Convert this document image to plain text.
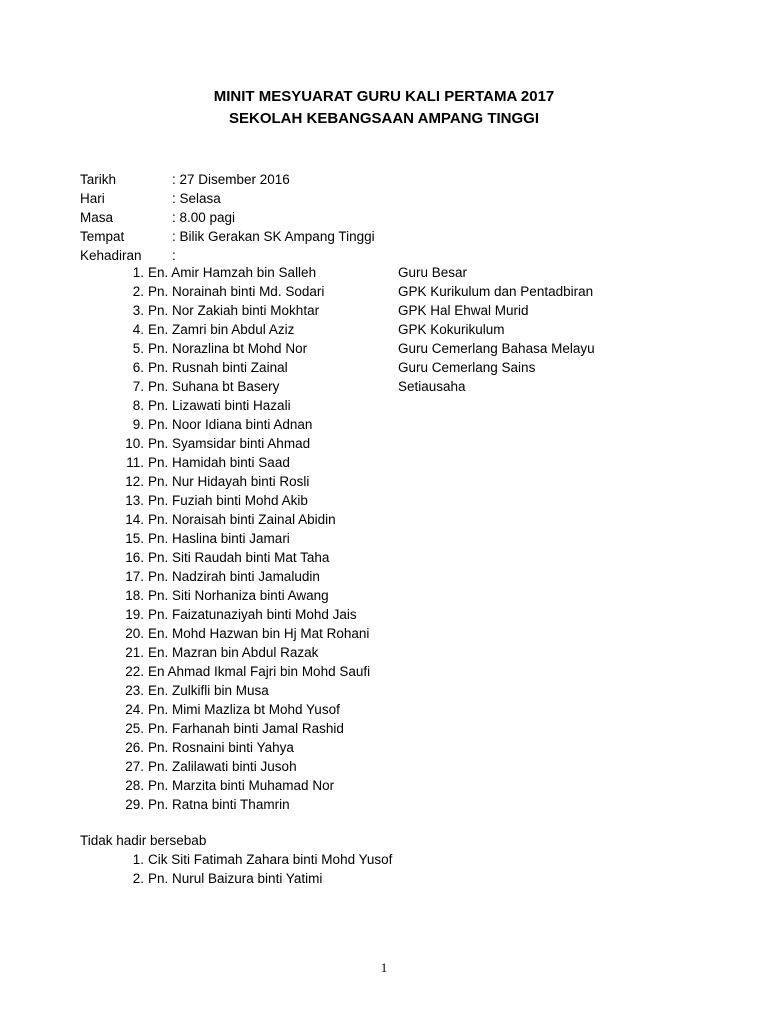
MINIT MESYUARAT GURU KALI PERTAMA 2017
SEKOLAH KEBANGSAAN AMPANG TINGGI
Tarikh	: 27 Disember 2016
Hari	: Selasa
Masa	: 8.00 pagi
Tempat	: Bilik Gerakan SK Ampang Tinggi
Kehadiran :
1. En. Amir Hamzah bin Salleh	Guru Besar
2. Pn. Norainah binti Md. Sodari	GPK Kurikulum dan Pentadbiran
3. Pn. Nor Zakiah binti Mokhtar	GPK Hal Ehwal Murid
4. En. Zamri bin Abdul Aziz	GPK Kokurikulum
5. Pn. Norazlina bt Mohd Nor	Guru Cemerlang Bahasa Melayu
6. Pn. Rusnah binti Zainal	Guru Cemerlang Sains
7. Pn. Suhana bt Basery	Setiausaha
8. Pn. Lizawati binti Hazali
9. Pn. Noor Idiana binti Adnan
10. Pn. Syamsidar binti Ahmad
11. Pn. Hamidah binti Saad
12. Pn. Nur Hidayah binti Rosli
13. Pn. Fuziah binti Mohd Akib
14. Pn. Noraisah binti Zainal Abidin
15. Pn. Haslina binti Jamari
16. Pn. Siti Raudah binti Mat Taha
17. Pn. Nadzirah binti Jamaludin
18. Pn. Siti Norhaniza binti Awang
19. Pn. Faizatunaziyah binti Mohd Jais
20. En. Mohd Hazwan bin Hj Mat Rohani
21. En. Mazran bin Abdul Razak
22. En Ahmad Ikmal Fajri bin Mohd Saufi
23. En. Zulkifli bin Musa
24. Pn. Mimi Mazliza bt Mohd Yusof
25. Pn. Farhanah binti Jamal Rashid
26. Pn. Rosnaini binti Yahya
27. Pn. Zalilawati binti Jusoh
28. Pn. Marzita binti Muhamad Nor
29. Pn. Ratna binti Thamrin
Tidak hadir bersebab
1. Cik Siti Fatimah Zahara binti Mohd Yusof
2. Pn. Nurul Baizura binti Yatimi
1
